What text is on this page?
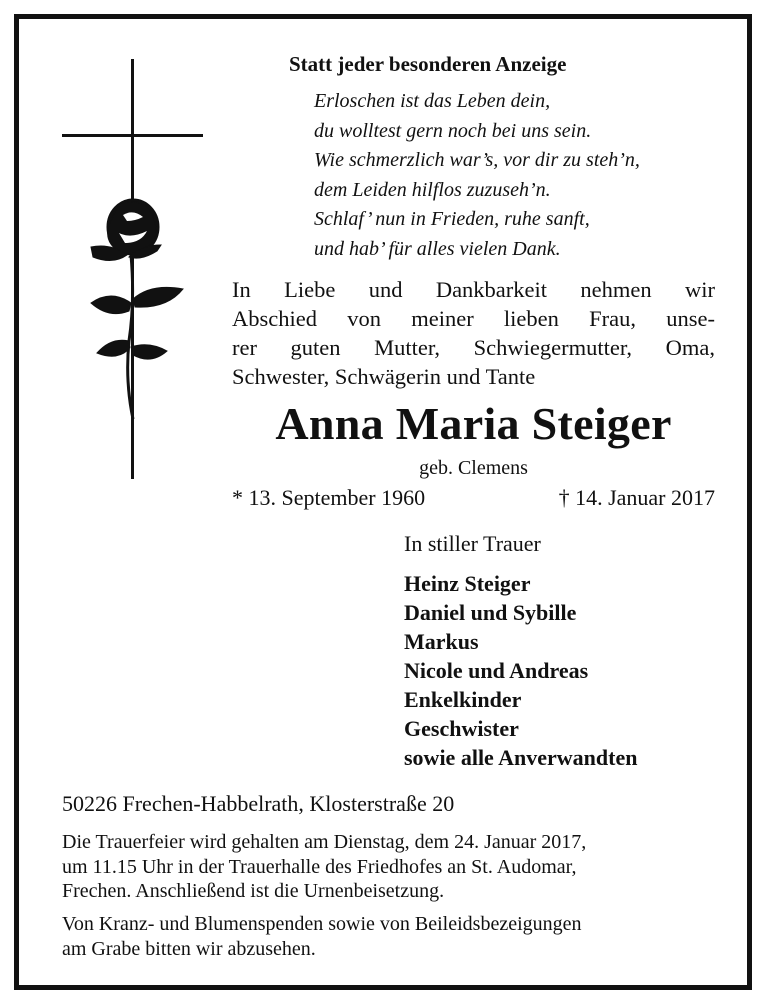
Statt jeder besonderen Anzeige
Erloschen ist das Leben dein,
du wolltest gern noch bei uns sein.
Wie schmerzlich war’s, vor dir zu steh’n,
dem Leiden hilflos zuzuseh’n.
Schlaf’ nun in Frieden, ruhe sanft,
und hab’ für alles vielen Dank.
In Liebe und Dankbarkeit nehmen wir
Abschied von meiner lieben Frau, unse-
rer guten Mutter, Schwiegermutter, Oma,
Schwester, Schwägerin und Tante
Anna Maria Steiger
geb. Clemens
* 13. September 1960	† 14. Januar 2017
In stiller Trauer
Heinz Steiger
Daniel und Sybille
Markus
Nicole und Andreas
Enkelkinder
Geschwister
sowie alle Anverwandten
50226 Frechen-Habbelrath, Klosterstraße 20
Die Trauerfeier wird gehalten am Dienstag, dem 24. Januar 2017,
um 11.15 Uhr in der Trauerhalle des Friedhofes an St. Audomar,
Frechen. Anschließend ist die Urnenbeisetzung.
Von Kranz- und Blumenspenden sowie von Beileidsbezeigungen
am Grabe bitten wir abzusehen.
